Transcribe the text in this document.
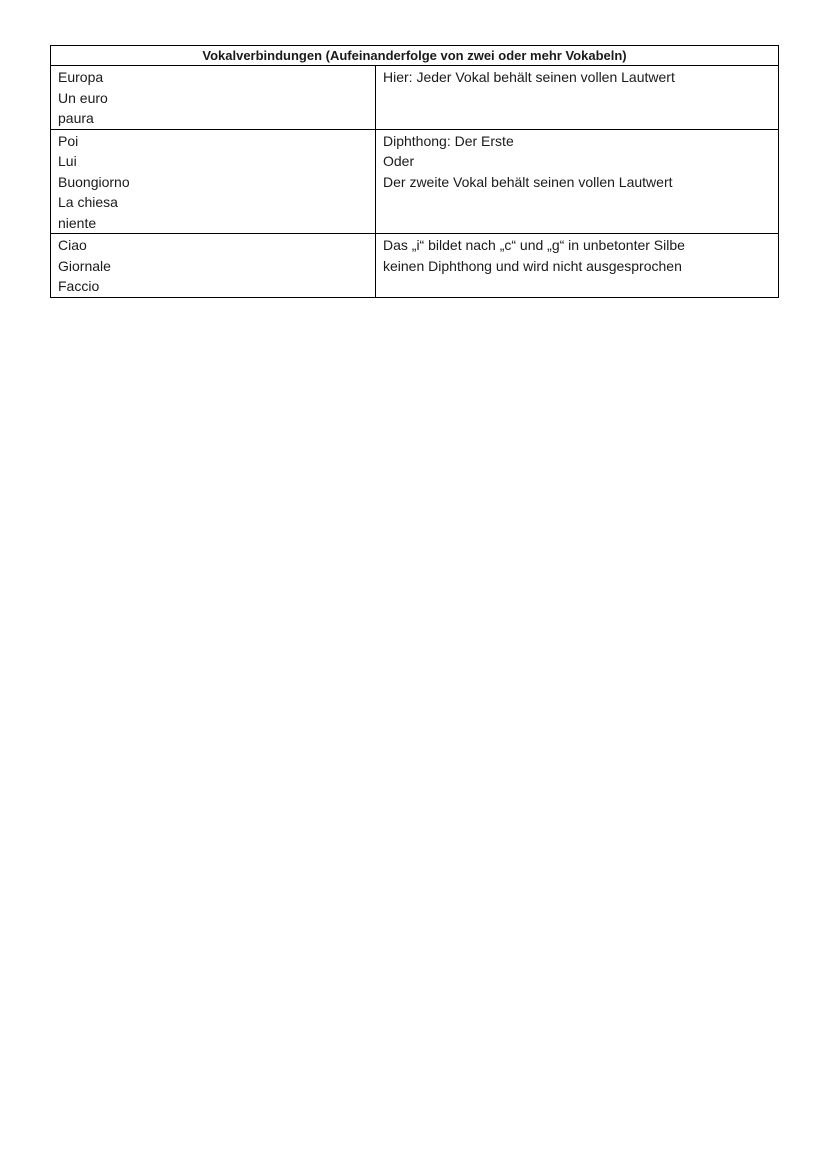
Vokalverbindungen (Aufeinanderfolge von zwei oder mehr Vokabeln)	

Europa
Un euro
paura	Hier: Jeder Vokal behält seinen vollen Lautwert

Poi
Lui
Buongiorno
La chiesa
niente	Diphthong: Der Erste
Oder
Der zweite Vokal behält seinen vollen Lautwert

Ciao
Giornale
Faccio	Das „i“ bildet nach „c“ und „g“ in unbetonter Silbe
keinen Diphthong und wird nicht ausgesprochen
